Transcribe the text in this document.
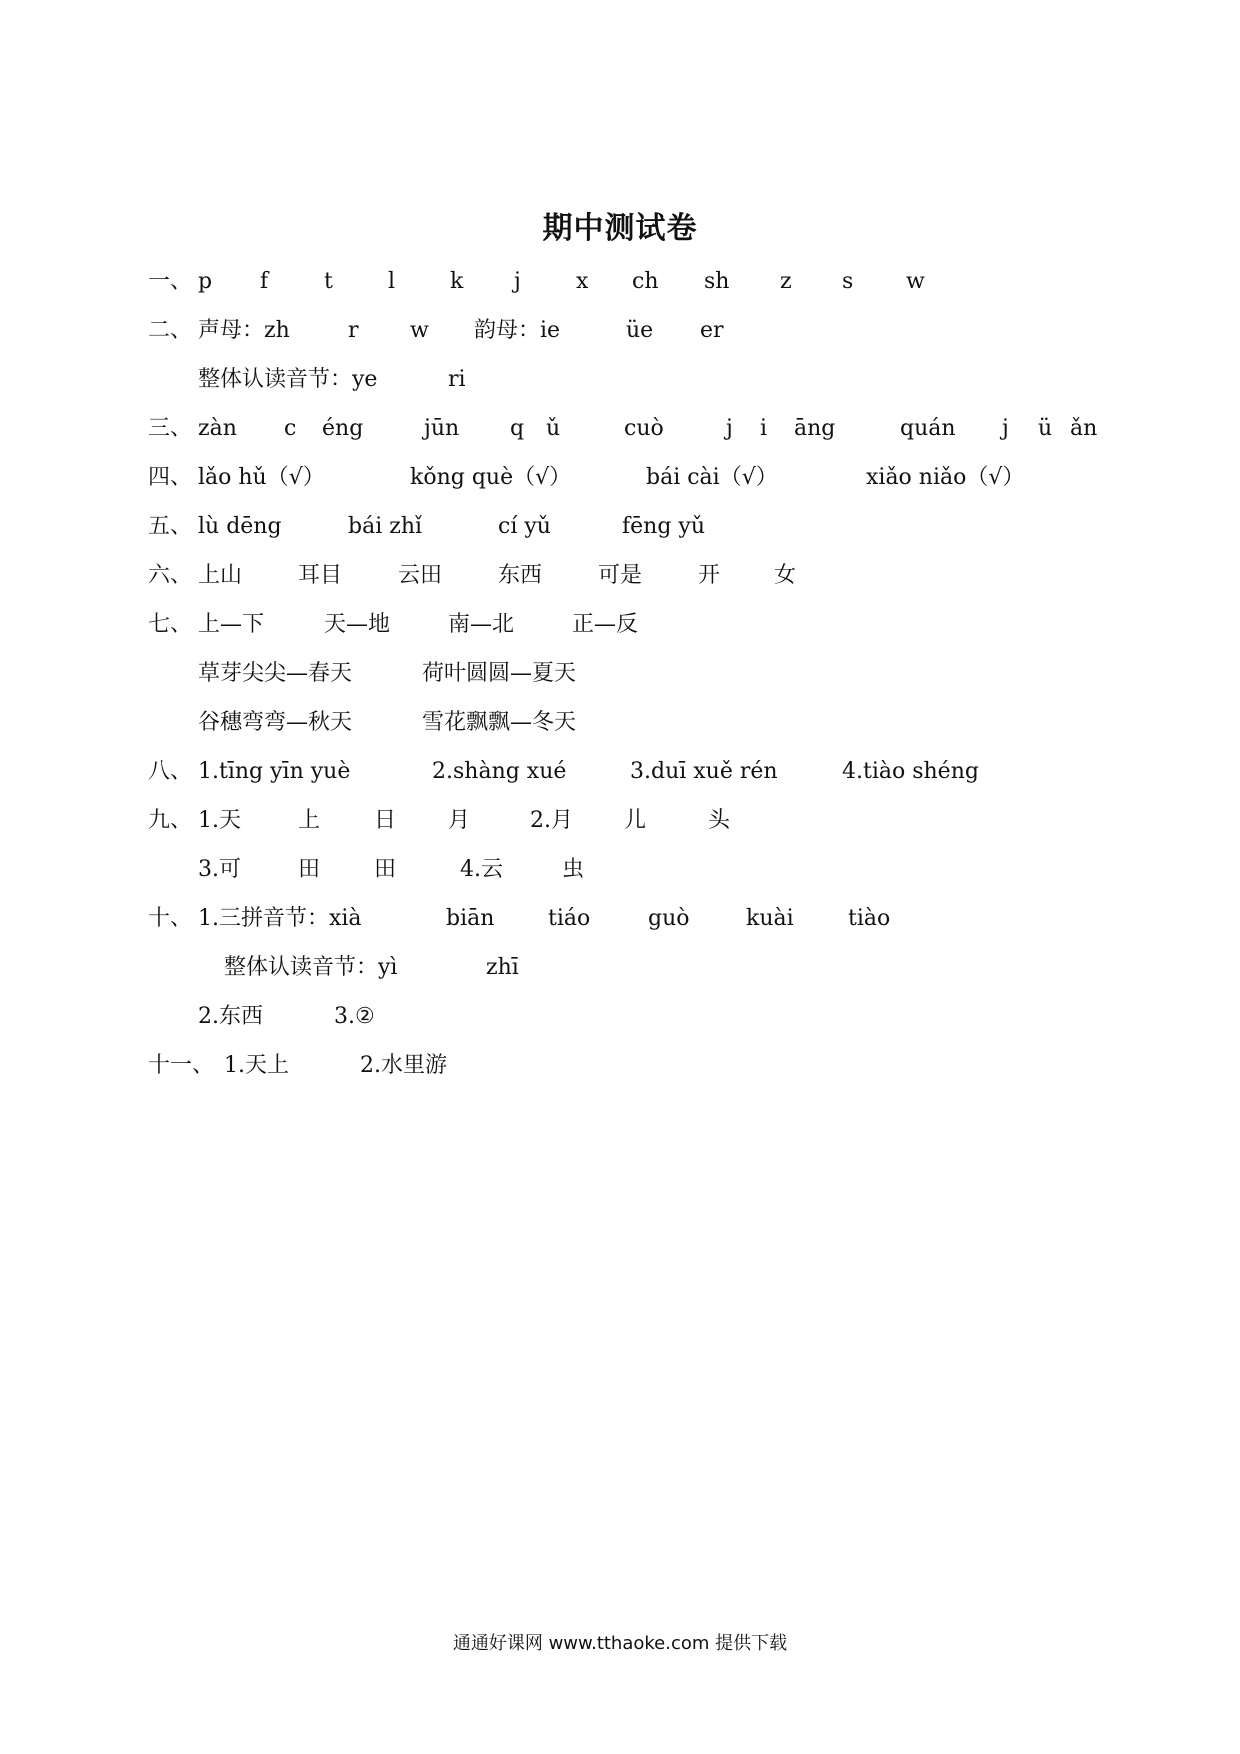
期中测试卷
一、 p f	t	l k j	x ch sh z s w
二、 声母：zh	r w 韵母：ie	üe er
整体认读音节：ye	ri
三、 zàn c éng	jūn q ǔ	cuò	j i āng	quán j ü ǎn
四、 lǎo hǔ（√）	kǒng què（√）	bái cài（√）	xiǎo niǎo（√）
五、 lù dēng	bái zhǐ	cí yǔ	fēng yǔ
六、 上山	耳目	云田	东西	可是	开 女
七、 上—下	天—地	南—北	正—反
草芽尖尖—春天	荷叶圆圆—夏天
谷穗弯弯—秋天	雪花飘飘—冬天
八、 1.tīng yīn yuè	2.shàng xué	3.duī xuě rén	4.tiào shéng
九、 1.天	上 日 月	2.月 儿	头
3.可	田 田	4.云	虫
十、 1.三拼音节：xià	biān tiáo	guò	kuài tiào
整体认读音节：yì	zhī
2.东西	3.②
十一、 1.天上	2.水里游
通通好课网 www.tthaoke.com 提供下载
